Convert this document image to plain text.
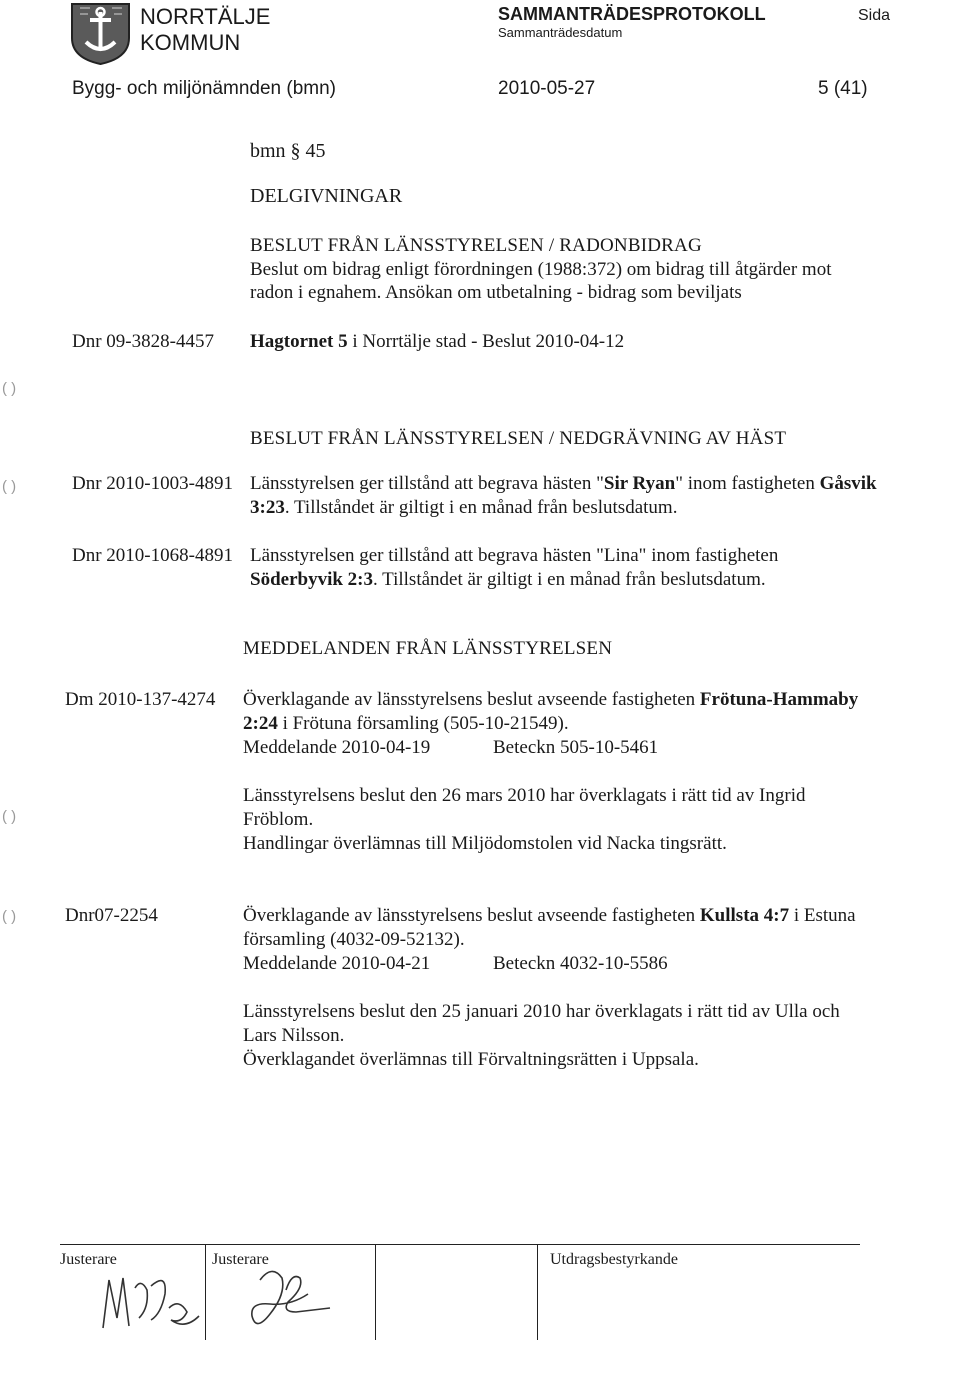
NORRTÄLJE
KOMMUN
SAMMANTRÄDESPROTOKOLL
Sammanträdesdatum
Sida
Bygg- och miljönämnden (bmn)	2010-05-27	5 (41)
bmn § 45
DELGIVNINGAR
BESLUT FRÅN LÄNSSTYRELSEN / RADONBIDRAG
Beslut om bidrag enligt förordningen (1988:372) om bidrag till åtgärder mot
radon i egnahem. Ansökan om utbetalning - bidrag som beviljats
Dnr 09-3828-4457 Hagtornet 5 i Norrtälje stad - Beslut 2010-04-12
( )
BESLUT FRÅN LÄNSSTYRELSEN / NEDGRÄVNING AV HÄST
( )	Dnr 2010-1003-4891 Länsstyrelsen ger tillstånd att begrava hästen "Sir Ryan" inom fastigheten Gåsvik
3:23. Tillståndet är giltigt i en månad från beslutsdatum.
Dnr 2010-1068-4891 Länsstyrelsen ger tillstånd att begrava hästen "Lina" inom fastigheten
Söderbyvik 2:3. Tillståndet är giltigt i en månad från beslutsdatum.
MEDDELANDEN FRÅN LÄNSSTYRELSEN
Dm 2010-137-4274 Överklagande av länsstyrelsens beslut avseende fastigheten Frötuna-Hammaby
2:24 i Frötuna församling (505-10-21549).
Meddelande 2010-04-19	Beteckn 505-10-5461
Länsstyrelsens beslut den 26 mars 2010 har överklagats i rätt tid av Ingrid
Fröblom.
Handlingar överlämnas till Miljödomstolen vid Nacka tingsrätt.
( )
( )	Dnr07-2254	Överklagande av länsstyrelsens beslut avseende fastigheten Kullsta 4:7 i Estuna
församling (4032-09-52132).
Meddelande 2010-04-21	Beteckn 4032-10-5586
Länsstyrelsens beslut den 25 januari 2010 har överklagats i rätt tid av Ulla och
Lars Nilsson.
Överklagandet överlämnas till Förvaltningsrätten i Uppsala.
Justerare	Justerare	Utdragsbestyrkande
